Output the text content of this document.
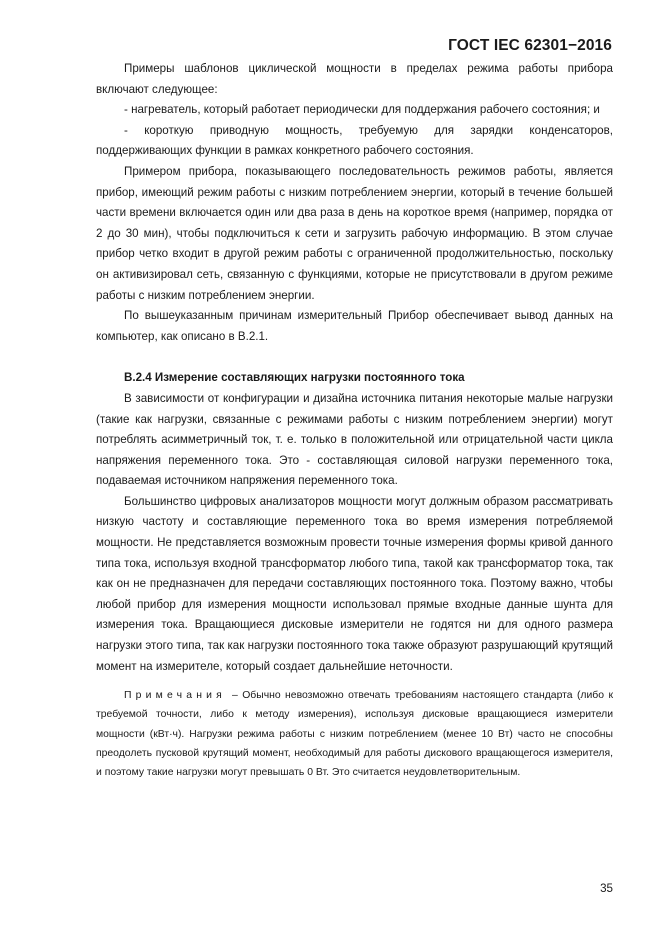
ГОСТ IEC 62301−2016

Примеры шаблонов циклической мощности в пределах режима работы прибора включают следующее:

- нагреватель, который работает периодически для поддержания рабочего состояния; и

- короткую приводную мощность, требуемую для зарядки конденсаторов, поддерживающих функции в рамках конкретного рабочего состояния.

Примером прибора, показывающего последовательность режимов работы, является прибор, имеющий режим работы с низким потреблением энергии, который в течение большей части времени включается один или два раза в день на короткое время (например, порядка от 2 до 30 мин), чтобы подключиться к сети и загрузить рабочую информацию. В этом случае прибор четко входит в другой режим работы с ограниченной продолжительностью, поскольку он активизировал сеть, связанную с функциями, которые не присутствовали в другом режиме работы с низким потреблением энергии.

По вышеуказанным причинам измерительный Прибор обеспечивает вывод данных на компьютер, как описано в В.2.1.

В.2.4 Измерение составляющих нагрузки постоянного тока

В зависимости от конфигурации и дизайна источника питания некоторые малые нагрузки (такие как нагрузки, связанные с режимами работы с низким потреблением энергии) могут потреблять асимметричный ток, т. е. только в положительной или отрицательной части цикла напряжения переменного тока. Это - составляющая силовой нагрузки переменного тока, подаваемая источником напряжения переменного тока.

Большинство цифровых анализаторов мощности могут должным образом рассматривать низкую частоту и составляющие переменного тока во время измерения потребляемой мощности. Не представляется возможным провести точные измерения формы кривой данного типа тока, используя входной трансформатор любого типа, такой как трансформатор тока, так как он не предназначен для передачи составляющих постоянного тока. Поэтому важно, чтобы любой прибор для измерения мощности использовал прямые входные данные шунта для измерения тока. Вращающиеся дисковые измерители не годятся ни для одного размера нагрузки этого типа, так как нагрузки постоянного тока также образуют разрушающий крутящий момент на измерителе, который создает дальнейшие неточности.

Примечания – Обычно невозможно отвечать требованиям настоящего стандарта (либо к требуемой точности, либо к методу измерения), используя дисковые вращающиеся измерители мощности (кВт·ч). Нагрузки режима работы с низким потреблением (менее 10 Вт) часто не способны преодолеть пусковой крутящий момент, необходимый для работы дискового вращающегося измерителя, и поэтому такие нагрузки могут превышать 0 Вт. Это считается неудовлетворительным.
35
